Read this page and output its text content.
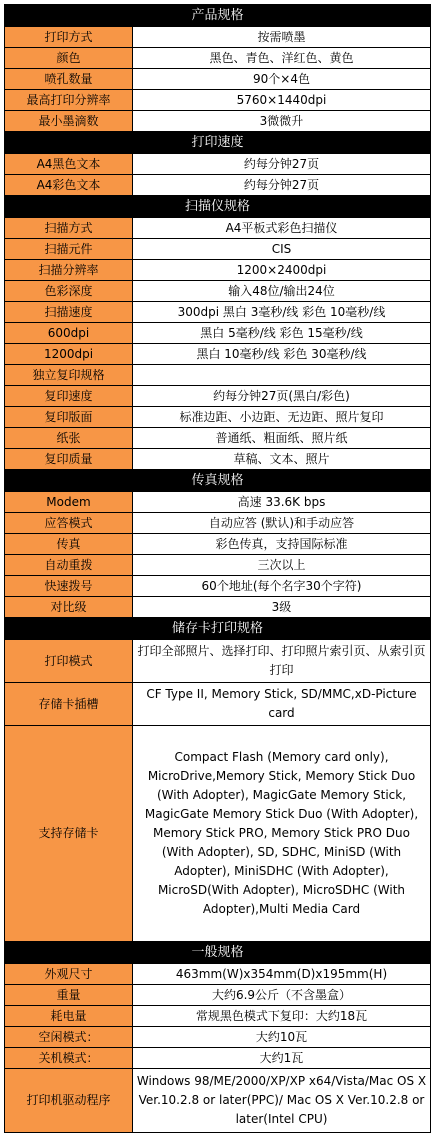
产品规格	
打印方式	按需喷墨
颜色	黑色、青色、洋红色、黄色
喷孔数量	90个×4色
最高打印分辨率	5760×1440dpi
最小墨滴数	3微微升
打印速度	
A4黑色文本	约每分钟27页
A4彩色文本	约每分钟27页
扫描仪规格	
扫描方式	A4平板式彩色扫描仪
扫描元件	CIS
扫描分辨率	1200×2400dpi
色彩深度	输入48位/输出24位
扫描速度	300dpi 黑白 3毫秒/线 彩色 10毫秒/线
600dpi	黑白 5毫秒/线 彩色 15毫秒/线
1200dpi	黑白 10毫秒/线 彩色 30毫秒/线
独立复印规格	
复印速度	约每分钟27页(黑白/彩色)
复印版面	标准边距、小边距、无边距、照片复印
纸张	普通纸、粗面纸、照片纸
复印质量	草稿、文本、照片
传真规格	
Modem	高速 33.6K bps
应答模式	自动应答 (默认)和手动应答
传真	彩色传真，支持国际标准
自动重拨	三次以上
快速拨号	60个地址(每个名字30个字符)
对比级	3级
储存卡打印规格	
打印模式	打印全部照片、选择打印、打印照片索引页、从索引页打印
存储卡插槽	CF Type II, Memory Stick, SD/MMC,xD-Picture card
支持存储卡	Compact Flash (Memory card only), MicroDrive,Memory Stick, Memory Stick Duo (With Adopter), MagicGate Memory Stick, MagicGate Memory Stick Duo (With Adopter), Memory Stick PRO, Memory Stick PRO Duo (With Adopter), SD, SDHC, MiniSD (With Adopter), MiniSDHC (With Adopter), MicroSD(With Adopter), MicroSDHC (With Adopter),Multi Media Card
一般规格	
外观尺寸	463mm(W)x354mm(D)x195mm(H)
重量	大约6.9公斤（不含墨盒）
耗电量	常规黑色模式下复印：大约18瓦
空闲模式：	大约10瓦
关机模式：	大约1瓦
打印机驱动程序	Windows 98/ME/2000/XP/XP x64/Vista/Mac OS X Ver.10.2.8 or later(PPC)/ Mac OS X Ver.10.2.8 or later(Intel CPU)
